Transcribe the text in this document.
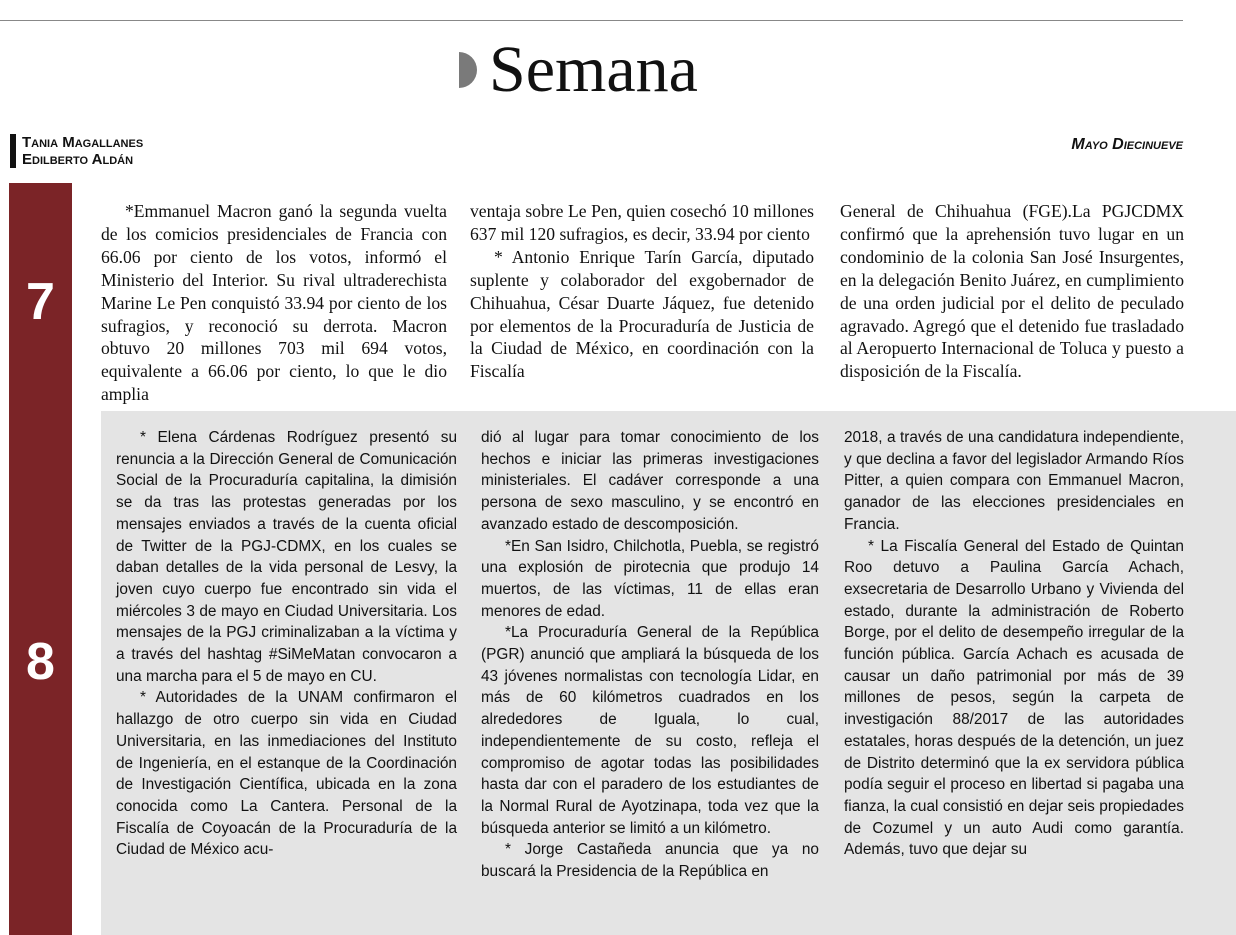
Semana
Tania Magallanes
Edilberto Aldán
Mayo Diecinueve
7
8

*Emmanuel Macron ganó la segunda vuelta de los comicios presidenciales de Francia con 66.06 por ciento de los votos, informó el Ministerio del Interior. Su rival ultraderechista Marine Le Pen conquistó 33.94 por ciento de los sufragios, y reconoció su derrota. Macron obtuvo 20 millones 703 mil 694 votos, equivalente a 66.06 por ciento, lo que le dio amplia

ventaja sobre Le Pen, quien cosechó 10 millones 637 mil 120 sufragios, es decir, 33.94 por ciento

* Antonio Enrique Tarín García, diputado suplente y colaborador del exgobernador de Chihuahua, César Duarte Jáquez, fue detenido por elementos de la Procuraduría de Justicia de la Ciudad de México, en coordinación con la Fiscalía

General de Chihuahua (FGE).La PGJCDMX confirmó que la aprehensión tuvo lugar en un condominio de la colonia San José Insurgentes, en la delegación Benito Juárez, en cumplimiento de una orden judicial por el delito de peculado agravado. Agregó que el detenido fue trasladado al Aeropuerto Internacional de Toluca y puesto a disposición de la Fiscalía.

* Elena Cárdenas Rodríguez presentó su renuncia a la Dirección General de Comunicación Social de la Procuraduría capitalina, la dimisión se da tras las protestas generadas por los mensajes enviados a través de la cuenta oficial de Twitter de la PGJ-CDMX, en los cuales se daban detalles de la vida personal de Lesvy, la joven cuyo cuerpo fue encontrado sin vida el miércoles 3 de mayo en Ciudad Universitaria. Los mensajes de la PGJ criminalizaban a la víctima y a través del hashtag #SiMeMatan convocaron a una marcha para el 5 de mayo en CU.

* Autoridades de la UNAM confirmaron el hallazgo de otro cuerpo sin vida en Ciudad Universitaria, en las inmediaciones del Instituto de Ingeniería, en el estanque de la Coordinación de Investigación Científica, ubicada en la zona conocida como La Cantera. Personal de la Fiscalía de Coyoacán de la Procuraduría de la Ciudad de México acu-

dió al lugar para tomar conocimiento de los hechos e iniciar las primeras investigaciones ministeriales. El cadáver corresponde a una persona de sexo masculino, y se encontró en avanzado estado de descomposición.

*En San Isidro, Chilchotla, Puebla, se registró una explosión de pirotecnia que produjo 14 muertos, de las víctimas, 11 de ellas eran menores de edad.

*La Procuraduría General de la República (PGR) anunció que ampliará la búsqueda de los 43 jóvenes normalistas con tecnología Lidar, en más de 60 kilómetros cuadrados en los alrededores de Iguala, lo cual, independientemente de su costo, refleja el compromiso de agotar todas las posibilidades hasta dar con el paradero de los estudiantes de la Normal Rural de Ayotzinapa, toda vez que la búsqueda anterior se limitó a un kilómetro.

* Jorge Castañeda anuncia que ya no buscará la Presidencia de la República en

2018, a través de una candidatura independiente, y que declina a favor del legislador Armando Ríos Pitter, a quien compara con Emmanuel Macron, ganador de las elecciones presidenciales en Francia.

* La Fiscalía General del Estado de Quintan Roo detuvo a Paulina García Achach, exsecretaria de Desarrollo Urbano y Vivienda del estado, durante la administración de Roberto Borge, por el delito de desempeño irregular de la función pública. García Achach es acusada de causar un daño patrimonial por más de 39 millones de pesos, según la carpeta de investigación 88/2017 de las autoridades estatales, horas después de la detención, un juez de Distrito determinó que la ex servidora pública podía seguir el proceso en libertad si pagaba una fianza, la cual consistió en dejar seis propiedades de Cozumel y un auto Audi como garantía. Además, tuvo que dejar su
